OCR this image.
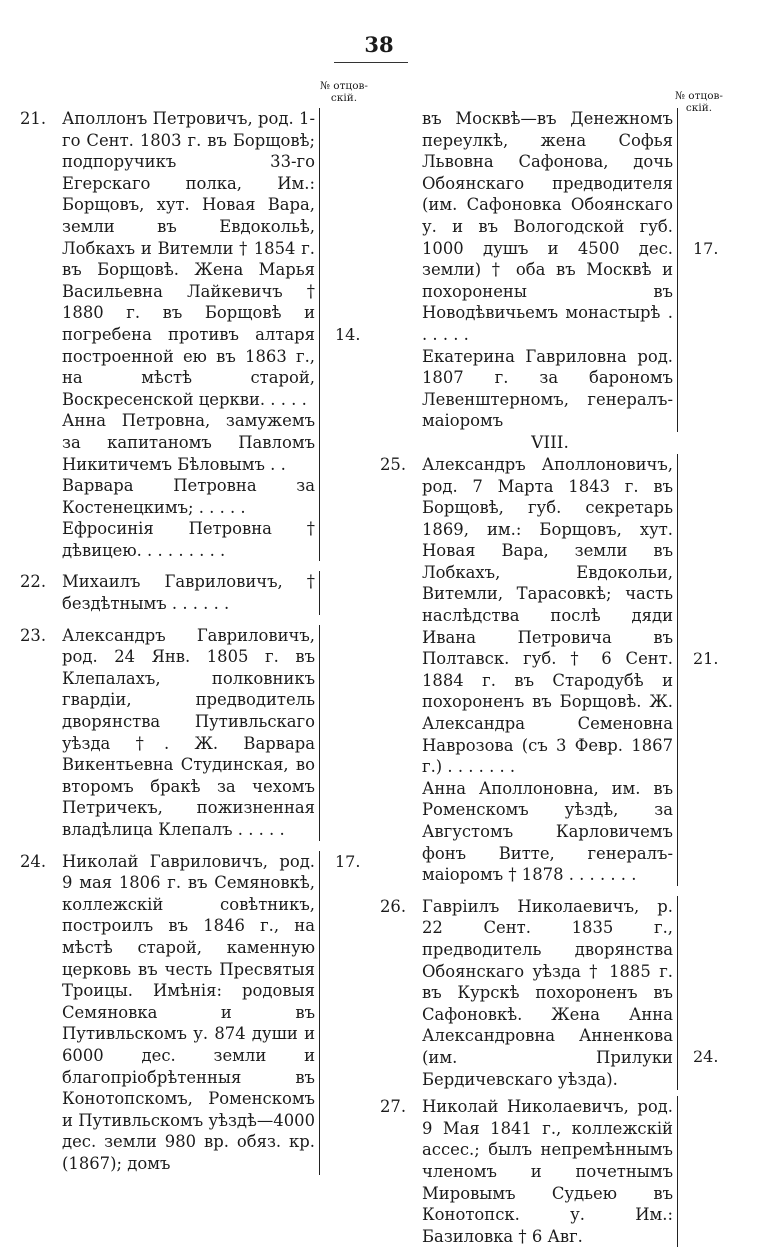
38
№ отцов-скій.	№ отцов-скій.
21. Аполлонъ Петровичъ, род. 1-го Сент. 1803 г. въ Борщовѣ; подпоручикъ 33-го Егерскаго полка, Им.: Борщовъ, хут. Новая Вара, земли въ Евдокольѣ, Лобкахъ и Витемли † 1854 г. въ Борщовѣ. Жена Марья Васильевна Лайкевичъ † 1880 г. въ Борщовѣ и погребена противъ алтаря построенной ею въ 1863 г., на мѣстѣ старой, Воскресенской церкви. . . . .

Анна Петровна, замужемъ за капитаномъ Павломъ Никитичемъ Бѣловымъ . .

Варвара Петровна за Костенецкимъ; . . . . .

Ефросинія Петровна † дѣвицею. . . . . . . . .

14.
22. Михаилъ Гавриловичъ, † бездѣтнымъ . . . . . .

23. Александръ Гавриловичъ, род. 24 Янв. 1805 г. въ Клепалахъ, полковникъ гвардіи, предводитель дворянства Путивльскаго уѣзда †. Ж. Варвара Викентьевна Студинская, во второмъ бракѣ за чехомъ Петричекъ, пожизненная владѣлица Клепалъ . . . . .

24. Николай Гавриловичъ, род. 9 мая 1806 г. въ Семяновкѣ, коллежскій совѣтникъ, построилъ въ 1846 г., на мѣстѣ старой, каменную церковь въ честь Пресвятыя Троицы. Имѣнія: родовыя Семяновка и въ Путивльскомъ у. 874 души и 6000 дес. земли и благопріобрѣтенныя въ Конотопскомъ, Роменскомъ и Путивльскомъ уѣздѣ—4000 дес. земли 980 вр. обяз. кр. (1867); домъ

17.

въ Москвѣ—въ Денежномъ переулкѣ, жена Софья Львовна Сафонова, дочь Обоянскаго предводителя (им. Сафоновка Обоянскаго у. и въ Вологодской губ. 1000 душъ и 4500 дес. земли) † оба въ Москвѣ и похоронены въ Новодѣвичьемъ монастырѣ . . . . . .

Екатерина Гавриловна род. 1807 г. за барономъ Левенштерномъ, генералъ-маіоромъ

17.
VIII.
25. Александръ Аполлоновичъ, род. 7 Марта 1843 г. въ Борщовѣ, губ. секретарь 1869, им.: Борщовъ, хут. Новая Вара, земли въ Лобкахъ, Евдокольи, Витемли, Тарасовкѣ; часть наслѣдства послѣ дяди Ивана Петровича въ Полтавск. губ. † 6 Сент. 1884 г. въ Стародубѣ и похороненъ въ Борщовѣ. Ж. Александра Семеновна Наврозова (съ 3 Февр. 1867 г.) . . . . . . .

Анна Аполлоновна, им. въ Роменскомъ уѣздѣ, за Августомъ Карловичемъ фонъ Витте, генералъ-маіоромъ † 1878 . . . . . . .

21.
26. Гавріилъ Николаевичъ, р. 22 Сент. 1835 г., предводитель дворянства Обоянскаго уѣзда † 1885 г. въ Курскѣ похороненъ въ Сафоновкѣ. Жена Анна Александровна Анненкова (им. Прилуки Бердичевскаго уѣзда).

24.
27. Николай Николаевичъ, род. 9 Мая 1841 г., коллежскій ассес.; былъ непремѣннымъ членомъ и почетнымъ Мировымъ Судьею въ Конотопск. у. Им.: Базиловка † 6 Авг.
